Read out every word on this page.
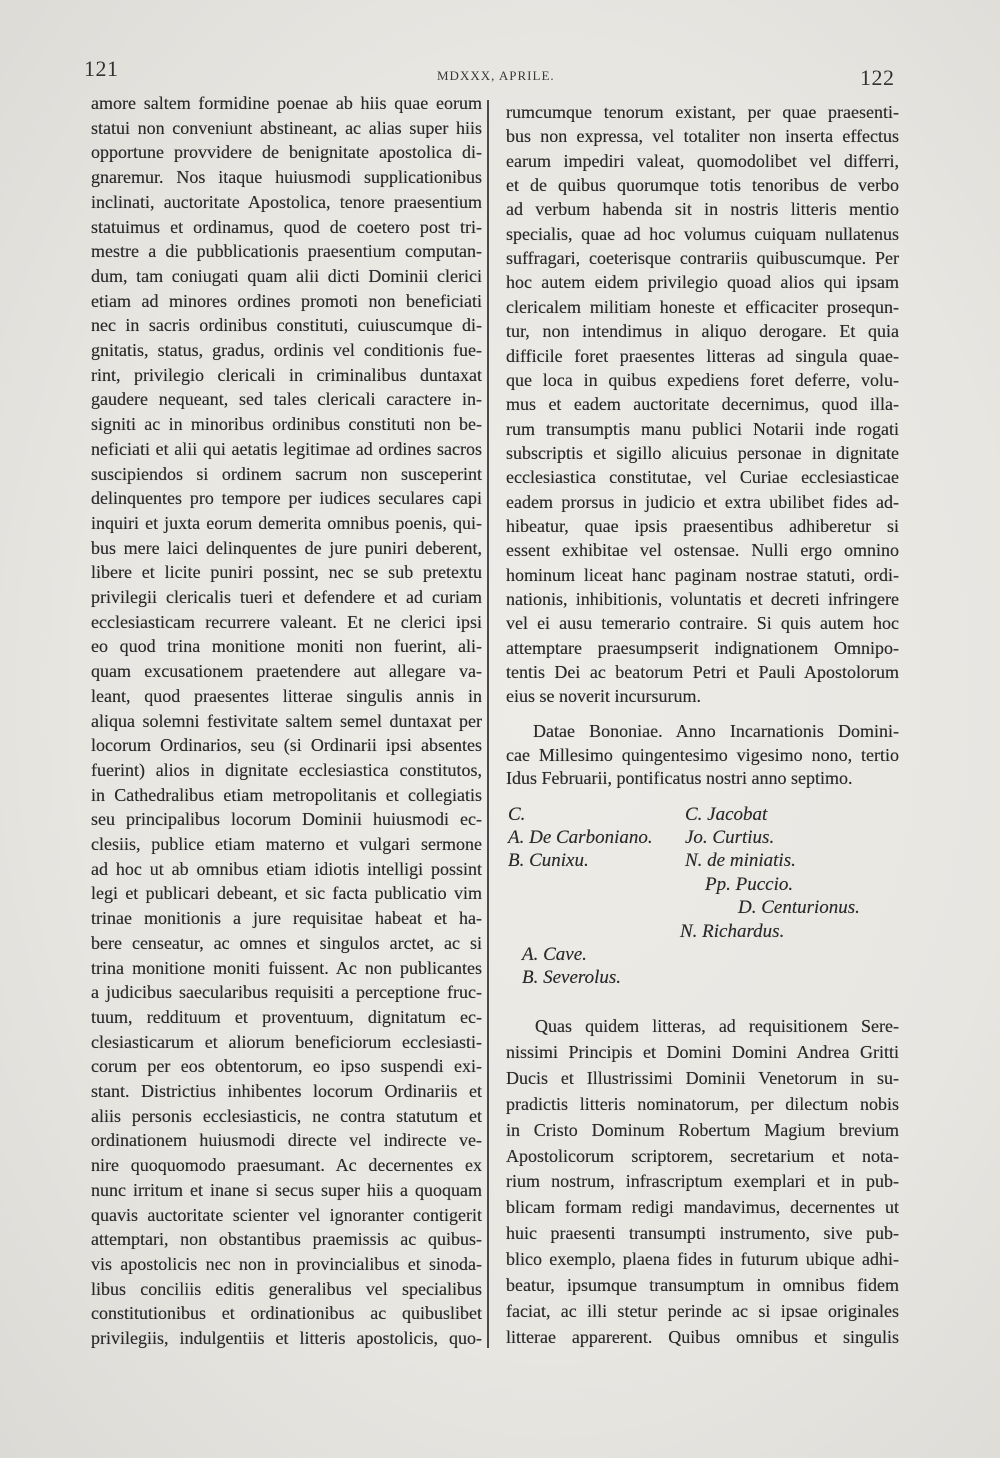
121	MDXXX, APRILE.	122
amore saltem formidine poenae ab hiis quae eorum
statui non conveniunt abstineant, ac alias super hiis
opportune provvidere de benignitate apostolica di-
gnaremur. Nos itaque huiusmodi supplicationibus
inclinati, auctoritate Apostolica, tenore praesentium
statuimus et ordinamus, quod de coetero post tri-
mestre a die pubblicationis praesentium computan-
dum, tam coniugati quam alii dicti Dominii clerici
etiam ad minores ordines promoti non beneficiati
nec in sacris ordinibus constituti, cuiuscumque di-
gnitatis, status, gradus, ordinis vel conditionis fue-
rint, privilegio clericali in criminalibus duntaxat
gaudere nequeant, sed tales clericali caractere in-
signiti ac in minoribus ordinibus constituti non be-
neficiati et alii qui aetatis legitimae ad ordines sacros
suscipiendos si ordinem sacrum non susceperint
delinquentes pro tempore per iudices seculares capi
inquiri et juxta eorum demerita omnibus poenis, qui-
bus mere laici delinquentes de jure puniri deberent,
libere et licite puniri possint, nec se sub pretextu
privilegii clericalis tueri et defendere et ad curiam
ecclesiasticam recurrere valeant. Et ne clerici ipsi
eo quod trina monitione moniti non fuerint, ali-
quam excusationem praetendere aut allegare va-
leant, quod praesentes litterae singulis annis in
aliqua solemni festivitate saltem semel duntaxat per
locorum Ordinarios, seu (si Ordinarii ipsi absentes
fuerint) alios in dignitate ecclesiastica constitutos,
in Cathedralibus etiam metropolitanis et collegiatis
seu principalibus locorum Dominii huiusmodi ec-
clesiis, publice etiam materno et vulgari sermone
ad hoc ut ab omnibus etiam idiotis intelligi possint
legi et publicari debeant, et sic facta publicatio vim
trinae monitionis a jure requisitae habeat et ha-
bere censeatur, ac omnes et singulos arctet, ac si
trina monitione moniti fuissent. Ac non publicantes
a judicibus saecularibus requisiti a perceptione fruc-
tuum, reddituum et proventuum, dignitatum ec-
clesiasticarum et aliorum beneficiorum ecclesiasti-
corum per eos obtentorum, eo ipso suspendi exi-
stant. Districtius inhibentes locorum Ordinariis et
aliis personis ecclesiasticis, ne contra statutum et
ordinationem huiusmodi directe vel indirecte ve-
nire quoquomodo praesumant. Ac decernentes ex
nunc irritum et inane si secus super hiis a quoquam
quavis auctoritate scienter vel ignoranter contigerit
attemptari, non obstantibus praemissis ac quibus-
vis apostolicis nec non in provincialibus et sinoda-
libus conciliis editis generalibus vel specialibus
constitutionibus et ordinationibus ac quibuslibet
privilegiis, indulgentiis et litteris apostolicis, quo-
rumcumque tenorum existant, per quae praesenti-
bus non expressa, vel totaliter non inserta effectus
earum impediri valeat, quomodolibet vel differri,
et de quibus quorumque totis tenoribus de verbo
ad verbum habenda sit in nostris litteris mentio
specialis, quae ad hoc volumus cuiquam nullatenus
suffragari, coeterisque contrariis quibuscumque. Per
hoc autem eidem privilegio quoad alios qui ipsam
clericalem militiam honeste et efficaciter prosequn-
tur, non intendimus in aliquo derogare. Et quia
difficile foret praesentes litteras ad singula quae-
que loca in quibus expediens foret deferre, volu-
mus et eadem auctoritate decernimus, quod illa-
rum transumptis manu publici Notarii inde rogati
subscriptis et sigillo alicuius personae in dignitate
ecclesiastica constitutae, vel Curiae ecclesiasticae
eadem prorsus in judicio et extra ubilibet fides ad-
hibeatur, quae ipsis praesentibus adhiberetur si
essent exhibitae vel ostensae. Nulli ergo omnino
hominum liceat hanc paginam nostrae statuti, ordi-
nationis, inhibitionis, voluntatis et decreti infringere
vel ei ausu temerario contraire. Si quis autem hoc
attemptare praesumpserit indignationem Omnipo-
tentis Dei ac beatorum Petri et Pauli Apostolorum
eius se noverit incursurum.
Datae Bononiae. Anno Incarnationis Domini-
cae Millesimo quingentesimo vigesimo nono, tertio
Idus Februarii, pontificatus nostri anno septimo.
C.	C. Jacobat
A. De Carboniano. Jo. Curtius.
B. Cunixu.	N. de miniatis.
Pp. Puccio.
D. Centurionus.
N. Richardus.
A. Cave.
B. Severolus.
Quas quidem litteras, ad requisitionem Sere-
nissimi Principis et Domini Domini Andrea Gritti
Ducis et Illustrissimi Dominii Venetorum in su-
pradictis litteris nominatorum, per dilectum nobis
in Cristo Dominum Robertum Magium brevium
Apostolicorum scriptorem, secretarium et nota-
rium nostrum, infrascriptum exemplari et in pub-
blicam formam redigi mandavimus, decernentes ut
huic praesenti transumpti instrumento, sive pub-
blico exemplo, plaena fides in futurum ubique adhi-
beatur, ipsumque transumptum in omnibus fidem
faciat, ac illi stetur perinde ac si ipsae originales
litterae apparerent. Quibus omnibus et singulis
